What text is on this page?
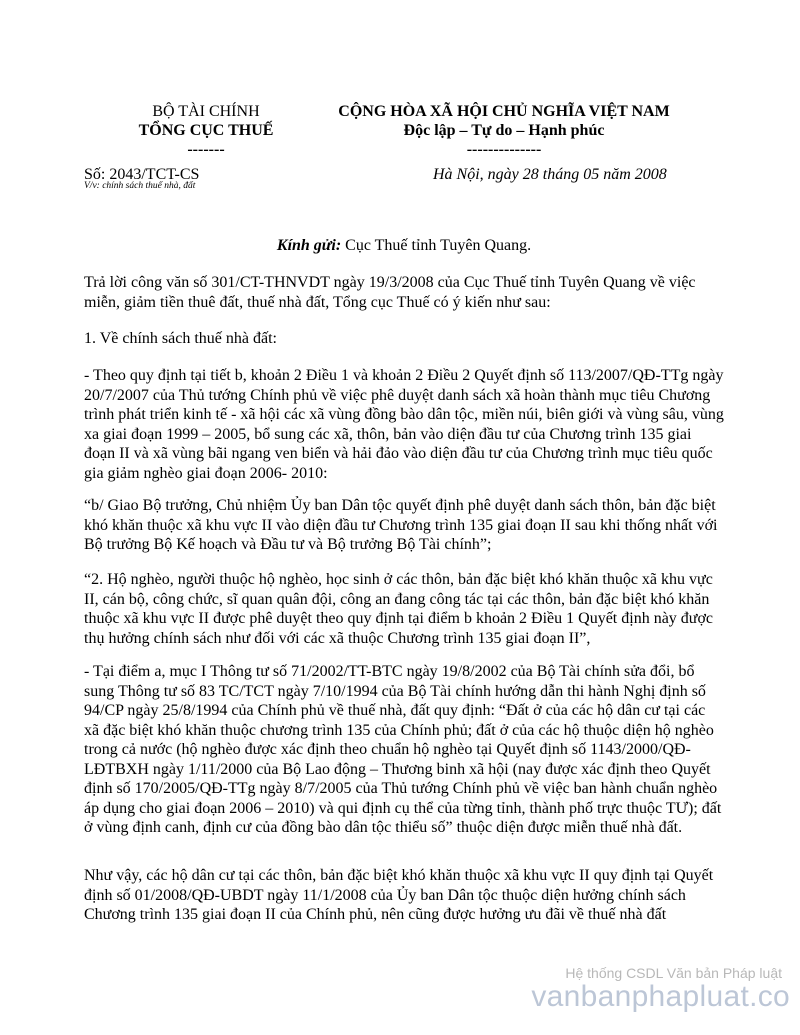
BỘ TÀI CHÍNH
TỔNG CỤC THUẾ
-------
CỘNG HÒA XÃ HỘI CHỦ NGHĨA VIỆT NAM
Độc lập – Tự do – Hạnh phúc
--------------
Số: 2043/TCT-CS
V/v: chính sách thuế nhà, đất
Hà Nội, ngày 28 tháng 05 năm 2008
Kính gửi: Cục Thuế tỉnh Tuyên Quang.

Trả lời công văn số 301/CT-THNVDT ngày 19/3/2008 của Cục Thuế tỉnh Tuyên Quang về việc miễn, giảm tiền thuê đất, thuế nhà đất, Tổng cục Thuế có ý kiến như sau:

1. Về chính sách thuế nhà đất:

- Theo quy định tại tiết b, khoản 2 Điều 1 và khoản 2 Điều 2 Quyết định số 113/2007/QĐ-TTg ngày 20/7/2007 của Thủ tướng Chính phủ về việc phê duyệt danh sách xã hoàn thành mục tiêu Chương trình phát triển kinh tế - xã hội các xã vùng đồng bào dân tộc, miền núi, biên giới và vùng sâu, vùng xa giai đoạn 1999 – 2005, bổ sung các xã, thôn, bản vào diện đầu tư của Chương trình 135 giai đoạn II và xã vùng bãi ngang ven biển và hải đảo vào diện đầu tư của Chương trình mục tiêu quốc gia giảm nghèo giai đoạn 2006- 2010:

“b/ Giao Bộ trưởng, Chủ nhiệm Ủy ban Dân tộc quyết định phê duyệt danh sách thôn, bản đặc biệt khó khăn thuộc xã khu vực II vào diện đầu tư Chương trình 135 giai đoạn II sau khi thống nhất với Bộ trưởng Bộ Kế hoạch và Đầu tư và Bộ trưởng Bộ Tài chính”;

“2. Hộ nghèo, người thuộc hộ nghèo, học sinh ở các thôn, bản đặc biệt khó khăn thuộc xã khu vực II, cán bộ, công chức, sĩ quan quân đội, công an đang công tác tại các thôn, bản đặc biệt khó khăn thuộc xã khu vực II được phê duyệt theo quy định tại điểm b khoản 2 Điều 1 Quyết định này được thụ hưởng chính sách như đối với các xã thuộc Chương trình 135 giai đoạn II”,

- Tại điểm a, mục I Thông tư số 71/2002/TT-BTC ngày 19/8/2002 của Bộ Tài chính sửa đổi, bổ sung Thông tư số 83 TC/TCT ngày 7/10/1994 của Bộ Tài chính hướng dẫn thi hành Nghị định số 94/CP ngày 25/8/1994 của Chính phủ về thuế nhà, đất quy định: “Đất ở của các hộ dân cư tại các xã đặc biệt khó khăn thuộc chương trình 135 của Chính phủ; đất ở của các hộ thuộc diện hộ nghèo trong cả nước (hộ nghèo được xác định theo chuẩn hộ nghèo tại Quyết định số 1143/2000/QĐ-LĐTBXH ngày 1/11/2000 của Bộ Lao động – Thương binh xã hội (nay được xác định theo Quyết định số 170/2005/QĐ-TTg ngày 8/7/2005 của Thủ tướng Chính phủ về việc ban hành chuẩn nghèo áp dụng cho giai đoạn 2006 – 2010) và qui định cụ thể của từng tỉnh, thành phố trực thuộc TƯ); đất ở vùng định canh, định cư của đồng bào dân tộc thiểu số” thuộc diện được miễn thuế nhà đất.

Như vậy, các hộ dân cư tại các thôn, bản đặc biệt khó khăn thuộc xã khu vực II quy định tại Quyết định số 01/2008/QĐ-UBDT ngày 11/1/2008 của Ủy ban Dân tộc thuộc diện hưởng chính sách Chương trình 135 giai đoạn II của Chính phủ, nên cũng được hưởng ưu đãi về thuế nhà đất

Hệ thống CSDL Văn bản Pháp luật
vanbanphapluat.co
